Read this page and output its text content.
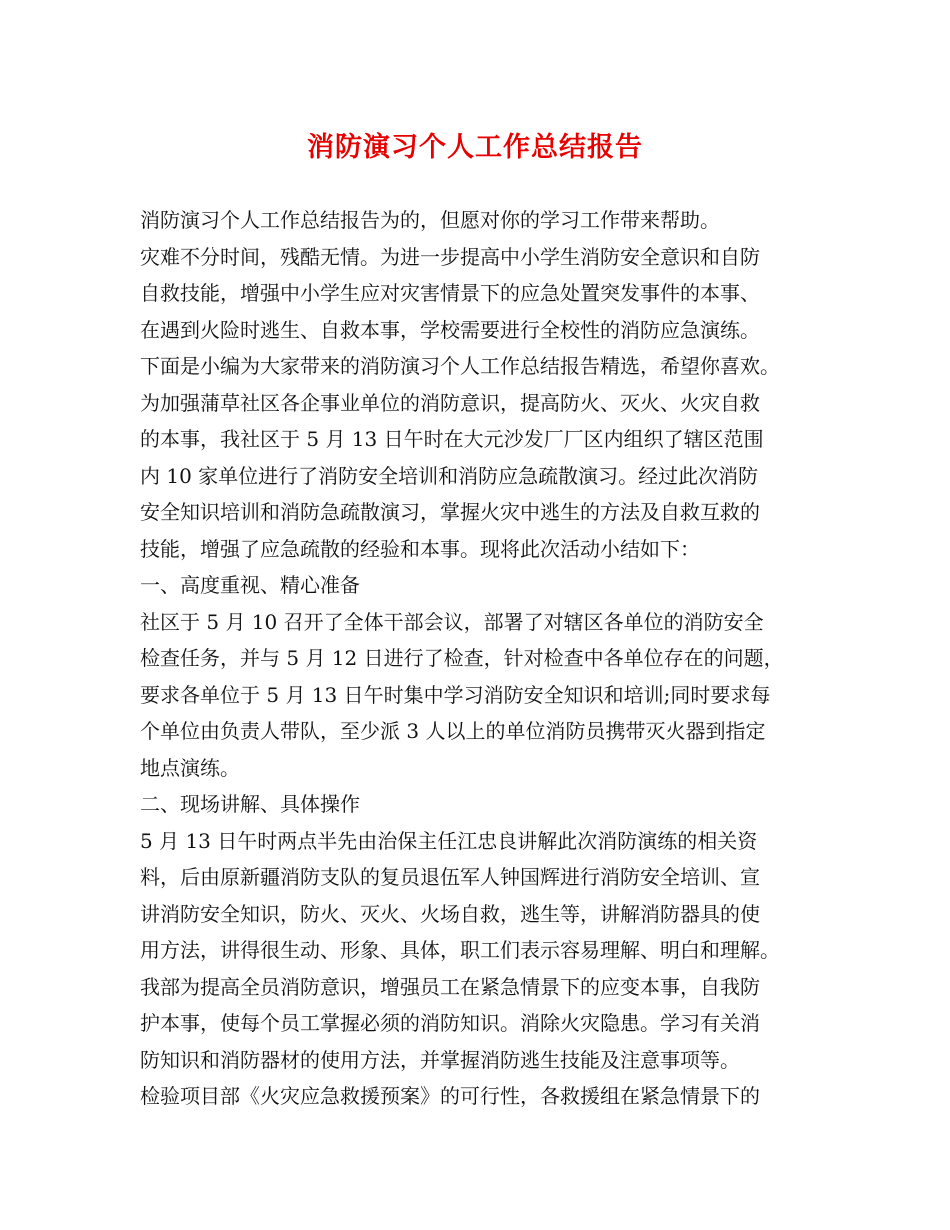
消防演习个人工作总结报告
消防演习个人工作总结报告为的，但愿对你的学习工作带来帮助。
灾难不分时间，残酷无情。为进一步提高中小学生消防安全意识和自防
自救技能，增强中小学生应对灾害情景下的应急处置突发事件的本事、
在遇到火险时逃生、自救本事，学校需要进行全校性的消防应急演练。
下面是小编为大家带来的消防演习个人工作总结报告精选，希望你喜欢。
为加强蒲草社区各企事业单位的消防意识，提高防火、灭火、火灾自救
的本事，我社区于 5 月 13 日午时在大元沙发厂厂区内组织了辖区范围
内 10 家单位进行了消防安全培训和消防应急疏散演习。经过此次消防
安全知识培训和消防急疏散演习，掌握火灾中逃生的方法及自救互救的
技能，增强了应急疏散的经验和本事。现将此次活动小结如下：
一、高度重视、精心准备
社区于 5 月 10 召开了全体干部会议，部署了对辖区各单位的消防安全
检查任务，并与 5 月 12 日进行了检查，针对检查中各单位存在的问题，
要求各单位于 5 月 13 日午时集中学习消防安全知识和培训;同时要求每
个单位由负责人带队，至少派 3 人以上的单位消防员携带灭火器到指定
地点演练。
二、现场讲解、具体操作
5 月 13 日午时两点半先由治保主任江忠良讲解此次消防演练的相关资
料，后由原新疆消防支队的复员退伍军人钟国辉进行消防安全培训、宣
讲消防安全知识，防火、灭火、火场自救，逃生等，讲解消防器具的使
用方法，讲得很生动、形象、具体，职工们表示容易理解、明白和理解。
我部为提高全员消防意识，增强员工在紧急情景下的应变本事，自我防
护本事，使每个员工掌握必须的消防知识。消除火灾隐患。学习有关消
防知识和消防器材的使用方法，并掌握消防逃生技能及注意事项等。
检验项目部《火灾应急救援预案》的可行性，各救援组在紧急情景下的
